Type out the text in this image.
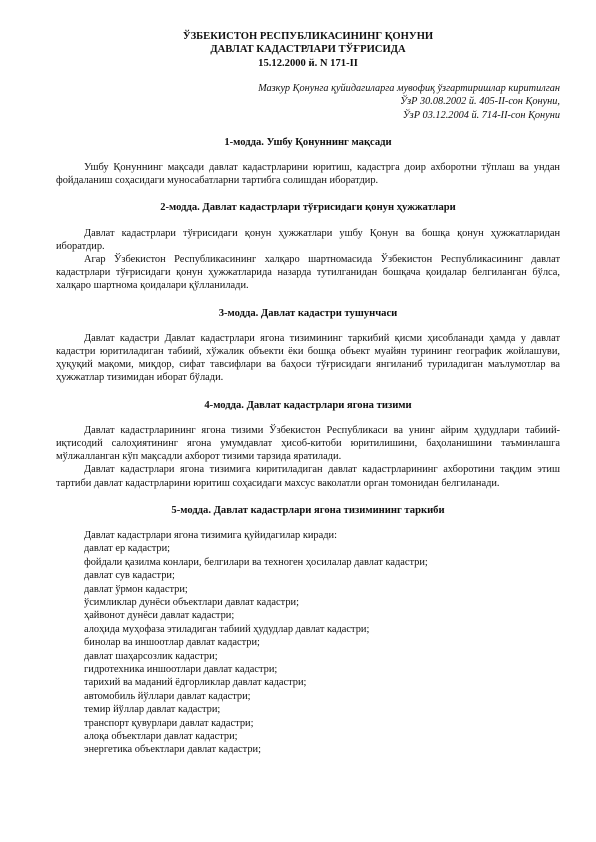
ЎЗБЕКИСТОН РЕСПУБЛИКАСИНИНГ ҚОНУНИ
ДАВЛАТ КАДАСТРЛАРИ ТЎҒРИСИДА
15.12.2000 й. N 171-II
Мазкур Қонунга қуйидагиларга мувофиқ ўзгартиришлар киритилган
ЎзР 30.08.2002 й. 405-II-сон Қонуни,
ЎзР 03.12.2004 й. 714-II-сон Қонуни
1-модда. Ушбу Қонуннинг мақсади

Ушбу Қонуннинг мақсади давлат кадастрларини юритиш, кадастрга доир ахборотни тўплаш ва ундан фойдаланиш соҳасидаги муносабатларни тартибга солишдан иборатдир.

2-модда. Давлат кадастрлари тўғрисидаги қонун ҳужжатлари

Давлат кадастрлари тўғрисидаги қонун ҳужжатлари ушбу Қонун ва бошқа қонун ҳужжатларидан иборатдир.

Агар Ўзбекистон Республикасининг халқаро шартномасида Ўзбекистон Республикасининг давлат кадастрлари тўғрисидаги қонун ҳужжатларида назарда тутилганидан бошқача қоидалар белгиланган бўлса, халқаро шартнома қоидалари қўлланилади.

3-модда. Давлат кадастри тушунчаси

Давлат кадастри Давлат кадастрлари ягона тизимининг таркибий қисми ҳисобланади ҳамда у давлат кадастри юритиладиган табиий, хўжалик объекти ёки бошқа объект муайян турининг географик жойлашуви, ҳуқуқий мақоми, миқдор, сифат тавсифлари ва баҳоси тўғрисидаги янгиланиб туриладиган маълумотлар ва ҳужжатлар тизимидан иборат бўлади.

4-модда. Давлат кадастрлари ягона тизими

Давлат кадастрларининг ягона тизими Ўзбекистон Республикаси ва унинг айрим ҳудудлари табиий-иқтисодий салоҳиятининг ягона умумдавлат ҳисоб-китоби юритилишини, баҳоланишини таъминлашга мўлжалланган кўп мақсадли ахборот тизими тарзида яратилади.

Давлат кадастрлари ягона тизимига киритиладиган давлат кадастрларининг ахборотини тақдим этиш тартиби давлат кадастрларини юритиш соҳасидаги махсус ваколатли орган томонидан белгиланади.

5-модда. Давлат кадастрлари ягона тизимининг таркиби

Давлат кадастрлари ягона тизимига қуйидагилар киради:

давлат ер кадастри;
фойдали қазилма конлари, белгилари ва техноген ҳосилалар давлат кадастри;
давлат сув кадастри;
давлат ўрмон кадастри;
ўсимликлар дунёси объектлари давлат кадастри;
ҳайвонот дунёси давлат кадастри;
алоҳида муҳофаза этиладиган табиий ҳудудлар давлат кадастри;
бинолар ва иншоотлар давлат кадастри;
давлат шаҳарсозлик кадастри;
гидротехника иншоотлари давлат кадастри;
тарихий ва маданий ёдгорликлар давлат кадастри;
автомобиль йўллари давлат кадастри;
темир йўллар давлат кадастри;
транспорт қувурлари давлат кадастри;
алоқа объектлари давлат кадастри;
энергетика объектлари давлат кадастри;
